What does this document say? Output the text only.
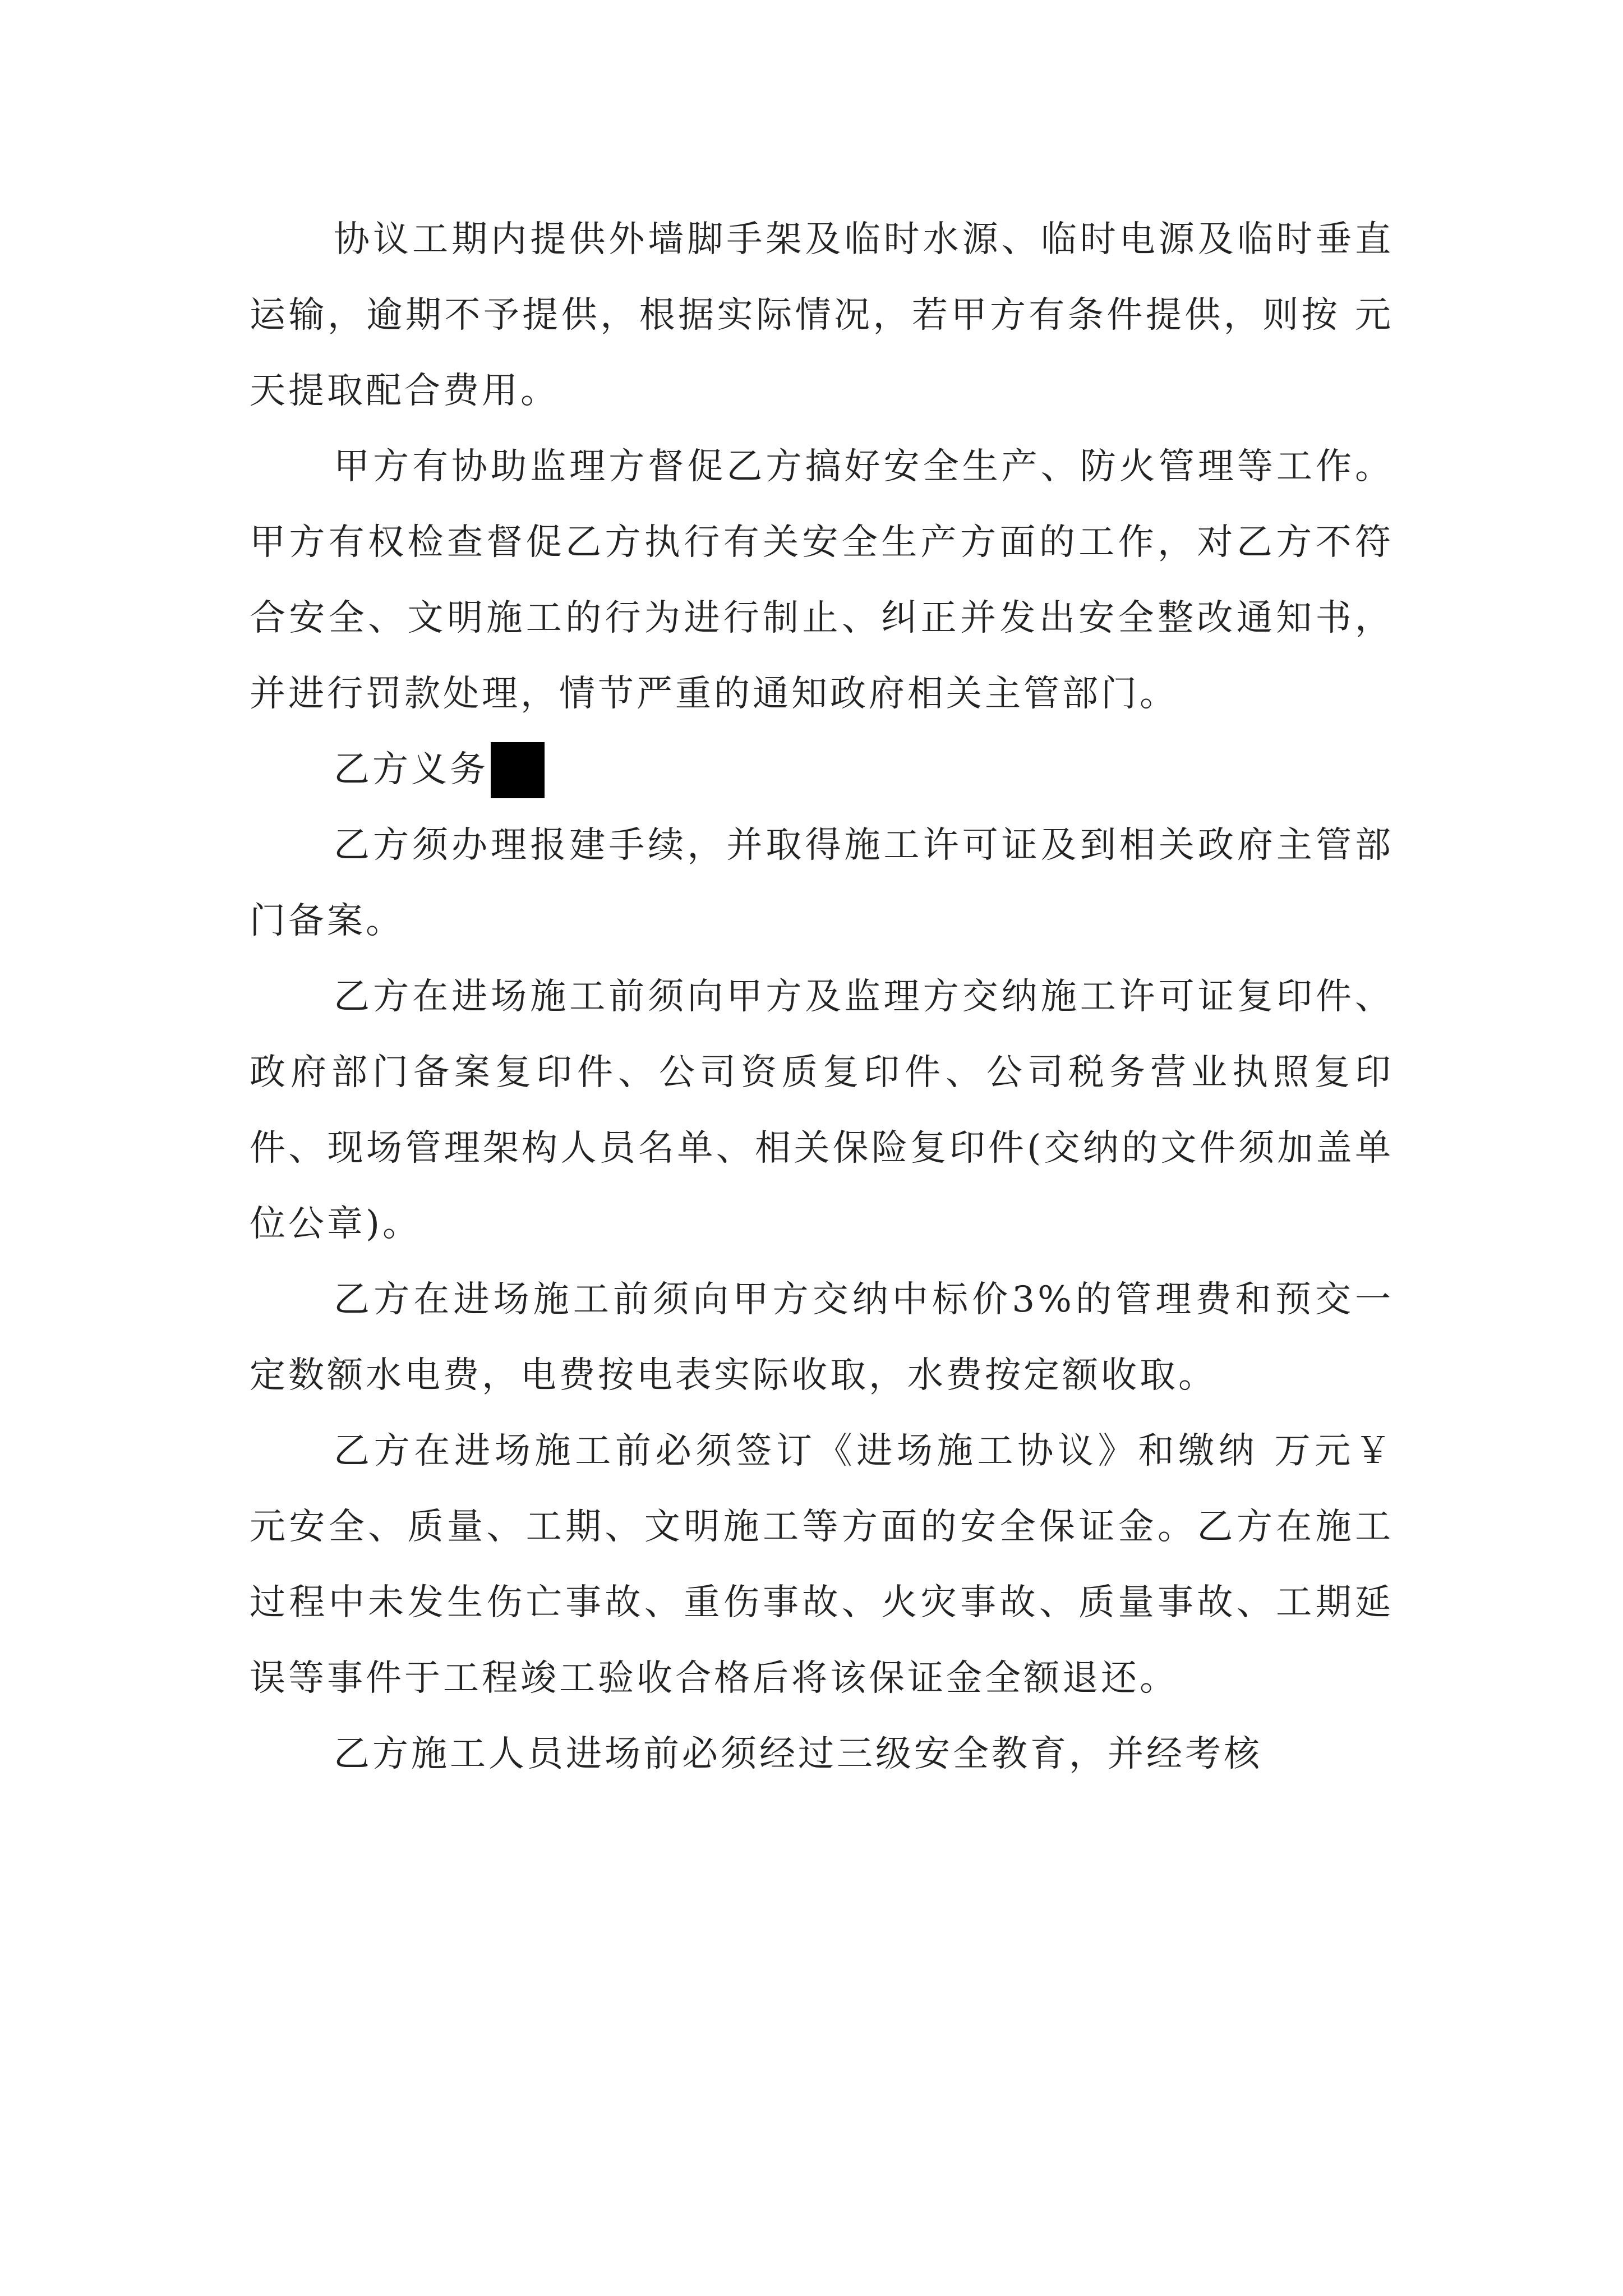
协议工期内提供外墙脚手架及临时水源、临时电源及临时垂直运输，逾期不予提供，根据实际情况，若甲方有条件提供，则按 元天提取配合费用。

甲方有协助监理方督促乙方搞好安全生产、防火管理等工作。甲方有权检查督促乙方执行有关安全生产方面的工作，对乙方不符合安全、文明施工的行为进行制止、纠正并发出安全整改通知书，并进行罚款处理，情节严重的通知政府相关主管部门。

乙方义务

乙方须办理报建手续，并取得施工许可证及到相关政府主管部门备案。

乙方在进场施工前须向甲方及监理方交纳施工许可证复印件、政府部门备案复印件、公司资质复印件、公司税务营业执照复印件、现场管理架构人员名单、相关保险复印件(交纳的文件须加盖单位公章)。

乙方在进场施工前须向甲方交纳中标价3%的管理费和预交一定数额水电费，电费按电表实际收取，水费按定额收取。

乙方在进场施工前必须签订《进场施工协议》和缴纳 万元￥ 元安全、质量、工期、文明施工等方面的安全保证金。乙方在施工过程中未发生伤亡事故、重伤事故、火灾事故、质量事故、工期延误等事件于工程竣工验收合格后将该保证金全额退还。

乙方施工人员进场前必须经过三级安全教育，并经考核
